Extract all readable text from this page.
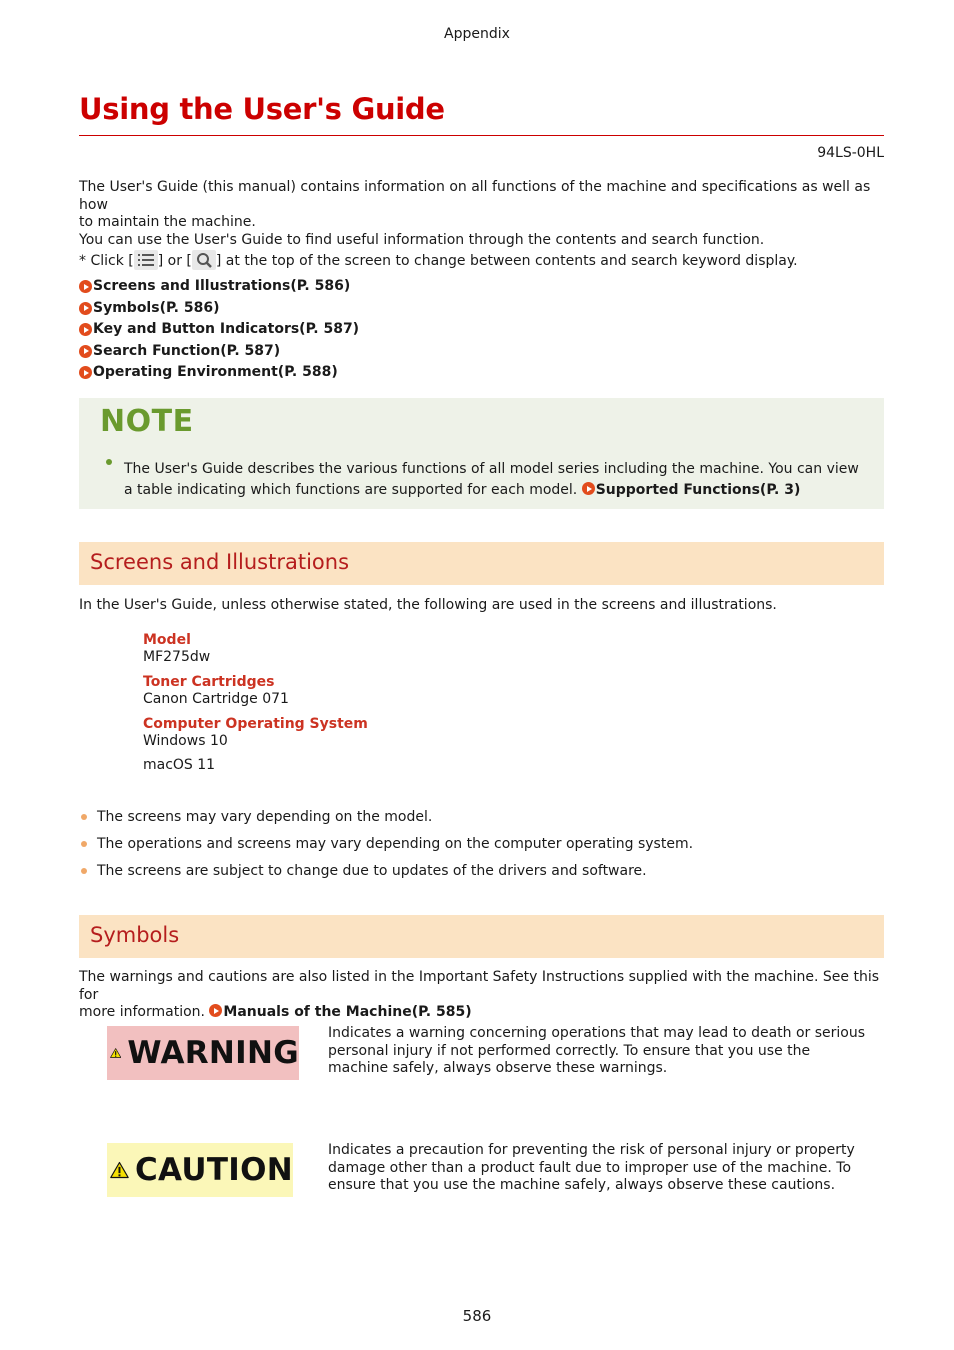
Appendix
Using the User's Guide
94LS-0HL
The User's Guide (this manual) contains information on all functions of the machine and specifications as well as how
to maintain the machine.
You can use the User's Guide to find useful information through the contents and search function.
* Click [ ] or [ ] at the top of the screen to change between contents and search keyword display.
Screens and Illustrations(P. 586)
Symbols(P. 586)
Key and Button Indicators(P. 587)
Search Function(P. 587)
Operating Environment(P. 588)
NOTE
The User's Guide describes the various functions of all model series including the machine. You can view a table indicating which functions are supported for each model. Supported Functions(P. 3)
Screens and Illustrations
In the User's Guide, unless otherwise stated, the following are used in the screens and illustrations.
Model
MF275dw
Toner Cartridges
Canon Cartridge 071
Computer Operating System
Windows 10
macOS 11
The screens may vary depending on the model.
The operations and screens may vary depending on the computer operating system.
The screens are subject to change due to updates of the drivers and software.
Symbols
The warnings and cautions are also listed in the Important Safety Instructions supplied with the machine. See this for
more information. Manuals of the Machine(P. 585)
WARNING
Indicates a warning concerning operations that may lead to death or serious personal injury if not performed correctly. To ensure that you use the machine safely, always observe these warnings.
CAUTION
Indicates a precaution for preventing the risk of personal injury or property damage other than a product fault due to improper use of the machine. To ensure that you use the machine safely, always observe these cautions.
586
